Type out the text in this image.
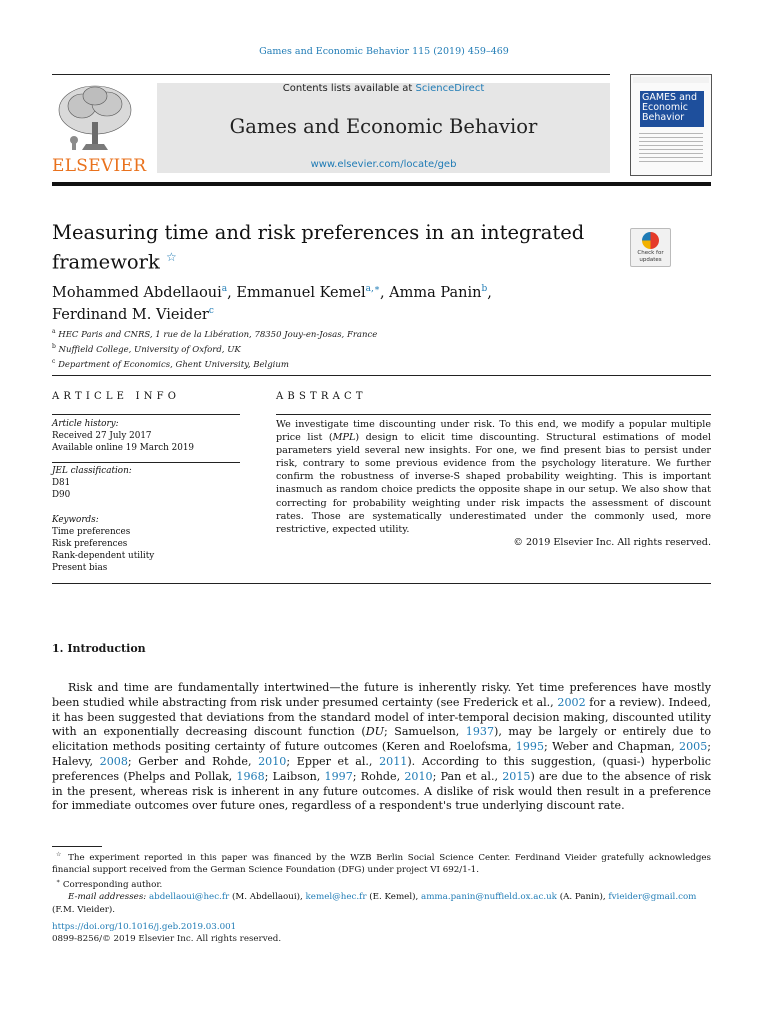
Games and Economic Behavior 115 (2019) 459–469
ELSEVIER
Contents lists available at ScienceDirect
Games and Economic Behavior
www.elsevier.com/locate/geb
GAMES and Economic Behavior
Measuring time and risk preferences in an integrated framework ☆	Check for updates
Mohammed Abdellaoui$^a$, Emmanuel Kemel$^{a,∗}$, Amma Panin$^b$,
Ferdinand M. Vieider$^c$
$^a$ HEC Paris and CNRS, 1 rue de la Libération, 78350 Jouy-en-Josas, France
$^b$ Nuffield College, University of Oxford, UK
$^c$ Department of Economics, Ghent University, Belgium
ARTICLE INFO
Article history:
Received 27 July 2017
Available online 19 March 2019
JEL classification:
D81
D90
Keywords:
Time preferences
Risk preferences
Rank-dependent utility
Present bias
ABSTRACT
We investigate time discounting under risk. To this end, we modify a popular multiple price list (MPL) design to elicit time discounting. Structural estimations of model parameters yield several new insights. For one, we find present bias to persist under risk, contrary to some previous evidence from the psychology literature. We further confirm the robustness of inverse-S shaped probability weighting. This is important inasmuch as random choice predicts the opposite shape in our setup. We also show that correcting for probability weighting under risk impacts the assessment of discount rates. Those are systematically underestimated under the commonly used, more restrictive, expected utility.
© 2019 Elsevier Inc. All rights reserved.
1. Introduction
Risk and time are fundamentally intertwined—the future is inherently risky. Yet time preferences have mostly been studied while abstracting from risk under presumed certainty (see Frederick et al., 2002 for a review). Indeed, it has been suggested that deviations from the standard model of inter-temporal decision making, discounted utility with an exponentially decreasing discount function (DU; Samuelson, 1937), may be largely or entirely due to elicitation methods positing certainty of future outcomes (Keren and Roelofsma, 1995; Weber and Chapman, 2005; Halevy, 2008; Gerber and Rohde, 2010; Epper et al., 2011). According to this suggestion, (quasi-) hyperbolic preferences (Phelps and Pollak, 1968; Laibson, 1997; Rohde, 2010; Pan et al., 2015) are due to the absence of risk in the present, whereas risk is inherent in any future outcomes. A dislike of risk would then result in a preference for immediate outcomes over future ones, regardless of a respondent's true underlying discount rate.
☆ The experiment reported in this paper was financed by the WZB Berlin Social Science Center. Ferdinand Vieider gratefully acknowledges financial support received from the German Science Foundation (DFG) under project VI 692/1-1.
∗ Corresponding author.
E-mail addresses: abdellaoui@hec.fr (M. Abdellaoui), kemel@hec.fr (E. Kemel), amma.panin@nuffield.ox.ac.uk (A. Panin), fvieider@gmail.com
(F.M. Vieider).
https://doi.org/10.1016/j.geb.2019.03.001
0899-8256/© 2019 Elsevier Inc. All rights reserved.
